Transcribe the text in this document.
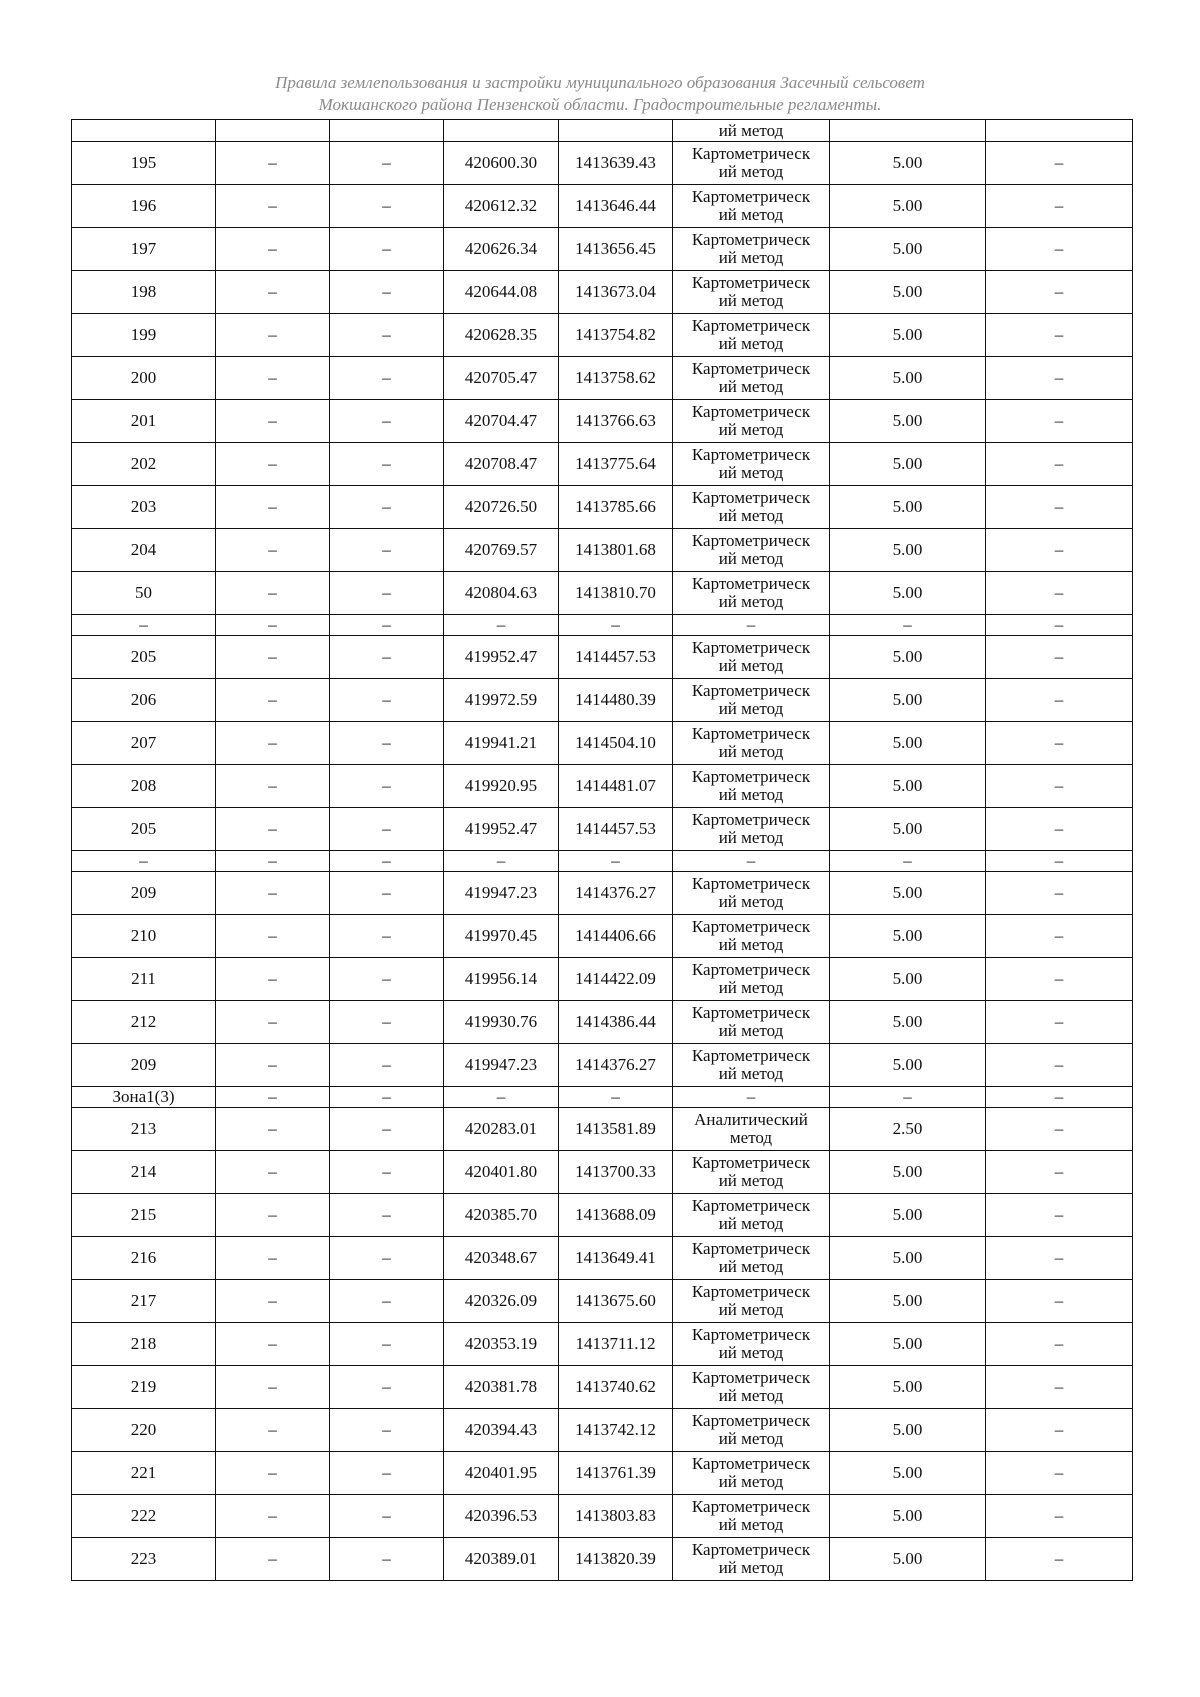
Правила землепользования и застройки муниципального образования Засечный сельсовет
Мокшанского района Пензенской области. Градостроительные регламенты.
					ий метод		
195	–	–	420600.30	1413639.43	Картометрическ
ий метод	5.00	–
196	–	–	420612.32	1413646.44	Картометрическ
ий метод	5.00	–
197	–	–	420626.34	1413656.45	Картометрическ
ий метод	5.00	–
198	–	–	420644.08	1413673.04	Картометрическ
ий метод	5.00	–
199	–	–	420628.35	1413754.82	Картометрическ
ий метод	5.00	–
200	–	–	420705.47	1413758.62	Картометрическ
ий метод	5.00	–
201	–	–	420704.47	1413766.63	Картометрическ
ий метод	5.00	–
202	–	–	420708.47	1413775.64	Картометрическ
ий метод	5.00	–
203	–	–	420726.50	1413785.66	Картометрическ
ий метод	5.00	–
204	–	–	420769.57	1413801.68	Картометрическ
ий метод	5.00	–
50	–	–	420804.63	1413810.70	Картометрическ
ий метод	5.00	–
–	–	–	–	–	–	–	–
205	–	–	419952.47	1414457.53	Картометрическ
ий метод	5.00	–
206	–	–	419972.59	1414480.39	Картометрическ
ий метод	5.00	–
207	–	–	419941.21	1414504.10	Картометрическ
ий метод	5.00	–
208	–	–	419920.95	1414481.07	Картометрическ
ий метод	5.00	–
205	–	–	419952.47	1414457.53	Картометрическ
ий метод	5.00	–
–	–	–	–	–	–	–	–
209	–	–	419947.23	1414376.27	Картометрическ
ий метод	5.00	–
210	–	–	419970.45	1414406.66	Картометрическ
ий метод	5.00	–
211	–	–	419956.14	1414422.09	Картометрическ
ий метод	5.00	–
212	–	–	419930.76	1414386.44	Картометрическ
ий метод	5.00	–
209	–	–	419947.23	1414376.27	Картометрическ
ий метод	5.00	–
Зона1(3)	–	–	–	–	–	–	–
213	–	–	420283.01	1413581.89	Аналитический
метод	2.50	–
214	–	–	420401.80	1413700.33	Картометрическ
ий метод	5.00	–
215	–	–	420385.70	1413688.09	Картометрическ
ий метод	5.00	–
216	–	–	420348.67	1413649.41	Картометрическ
ий метод	5.00	–
217	–	–	420326.09	1413675.60	Картометрическ
ий метод	5.00	–
218	–	–	420353.19	1413711.12	Картометрическ
ий метод	5.00	–
219	–	–	420381.78	1413740.62	Картометрическ
ий метод	5.00	–
220	–	–	420394.43	1413742.12	Картометрическ
ий метод	5.00	–
221	–	–	420401.95	1413761.39	Картометрическ
ий метод	5.00	–
222	–	–	420396.53	1413803.83	Картометрическ
ий метод	5.00	–
223	–	–	420389.01	1413820.39	Картометрическ
ий метод	5.00	–
